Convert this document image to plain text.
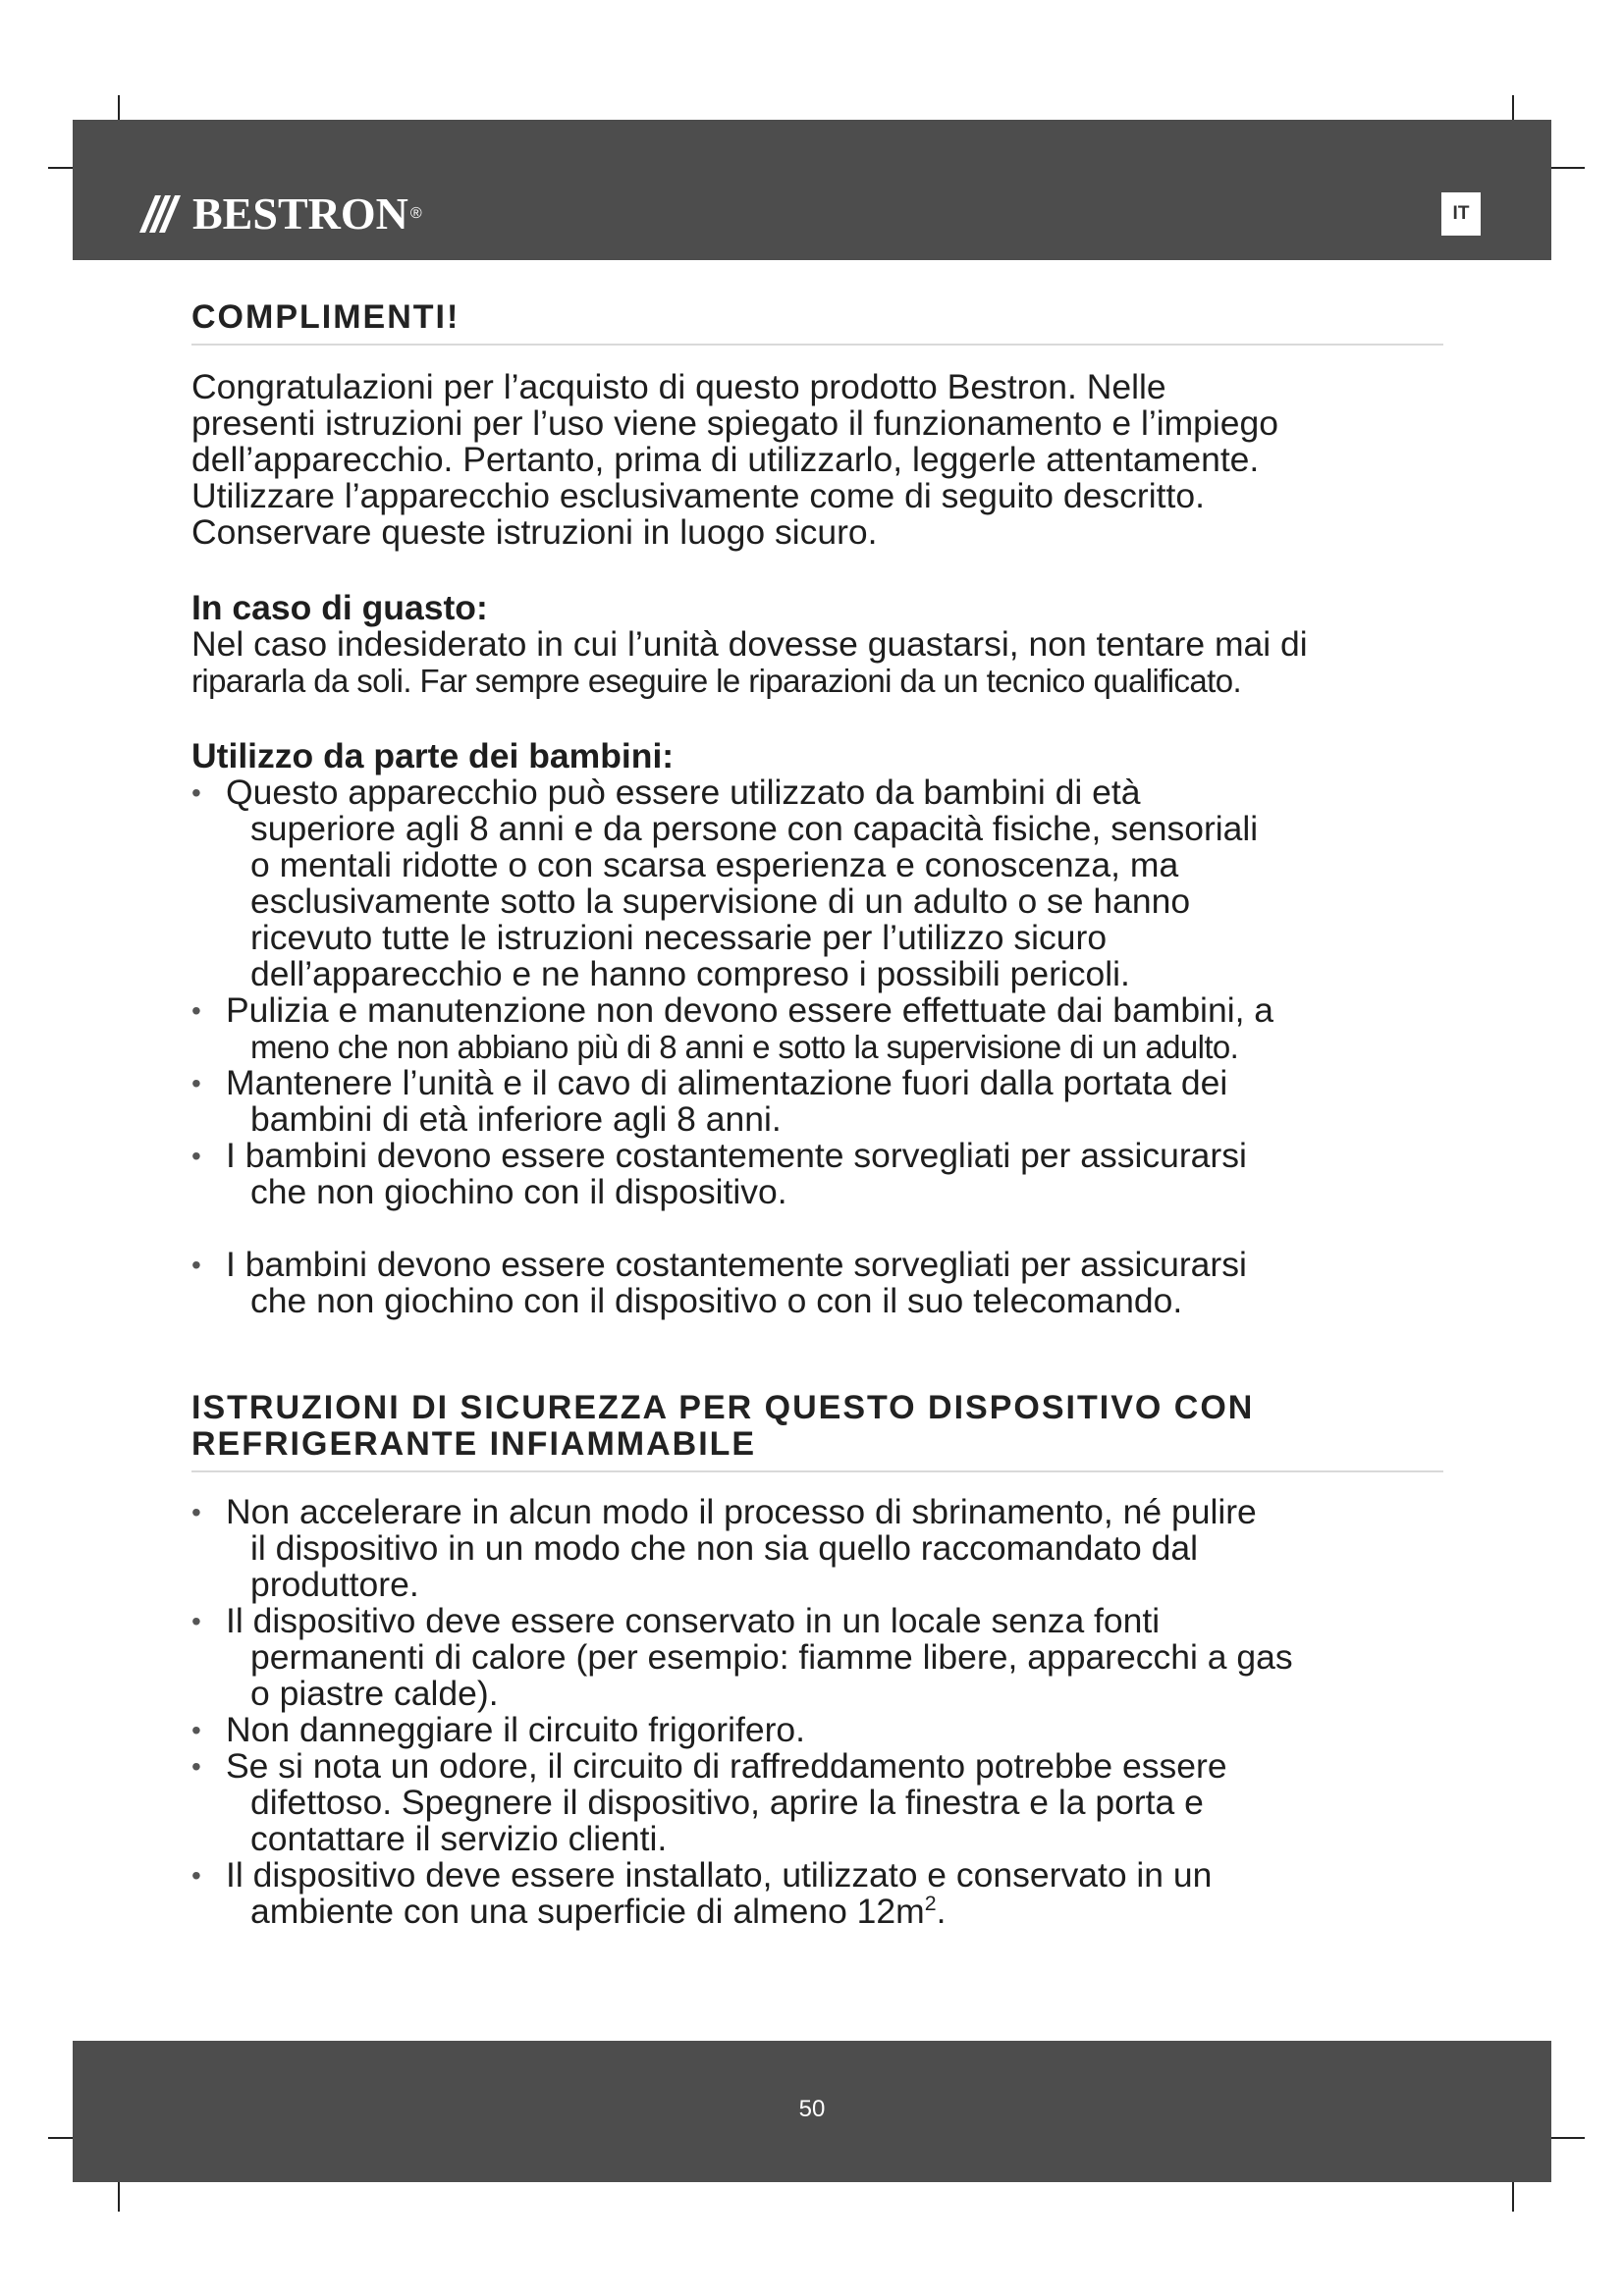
BESTRON ®	IT
COMPLIMENTI!

Congratulazioni per l’acquisto di questo prodotto Bestron. Nelle
presenti istruzioni per l’uso viene spiegato il funzionamento e l’impiego
dell’apparecchio. Pertanto, prima di utilizzarlo, leggerle attentamente.
Utilizzare l’apparecchio esclusivamente come di seguito descritto.
Conservare queste istruzioni in luogo sicuro.

In caso di guasto:

Nel caso indesiderato in cui l’unità dovesse guastarsi, non tentare mai di
ripararla da soli. Far sempre eseguire le riparazioni da un tecnico qualificato.

Utilizzo da parte dei bambini:
• Questo apparecchio può essere utilizzato da bambini di età
superiore agli 8 anni e da persone con capacità fisiche, sensoriali
o mentali ridotte o con scarsa esperienza e conoscenza, ma
esclusivamente sotto la supervisione di un adulto o se hanno
ricevuto tutte le istruzioni necessarie per l’utilizzo sicuro
dell’apparecchio e ne hanno compreso i possibili pericoli.
• Pulizia e manutenzione non devono essere effettuate dai bambini, a
meno che non abbiano più di 8 anni e sotto la supervisione di un adulto.
• Mantenere l’unità e il cavo di alimentazione fuori dalla portata dei
bambini di età inferiore agli 8 anni.
• I bambini devono essere costantemente sorvegliati per assicurarsi
che non giochino con il dispositivo.
• I bambini devono essere costantemente sorvegliati per assicurarsi
che non giochino con il dispositivo o con il suo telecomando.
ISTRUZIONI DI SICUREZZA PER QUESTO DISPOSITIVO CON
REFRIGERANTE INFIAMMABILE
• Non accelerare in alcun modo il processo di sbrinamento, né pulire
il dispositivo in un modo che non sia quello raccomandato dal
produttore.
• Il dispositivo deve essere conservato in un locale senza fonti
permanenti di calore (per esempio: fiamme libere, apparecchi a gas
o piastre calde).
• Non danneggiare il circuito frigorifero.
• Se si nota un odore, il circuito di raffreddamento potrebbe essere
difettoso. Spegnere il dispositivo, aprire la finestra e la porta e
contattare il servizio clienti.
• Il dispositivo deve essere installato, utilizzato e conservato in un
ambiente con una superficie di almeno $12m^2$.
50
